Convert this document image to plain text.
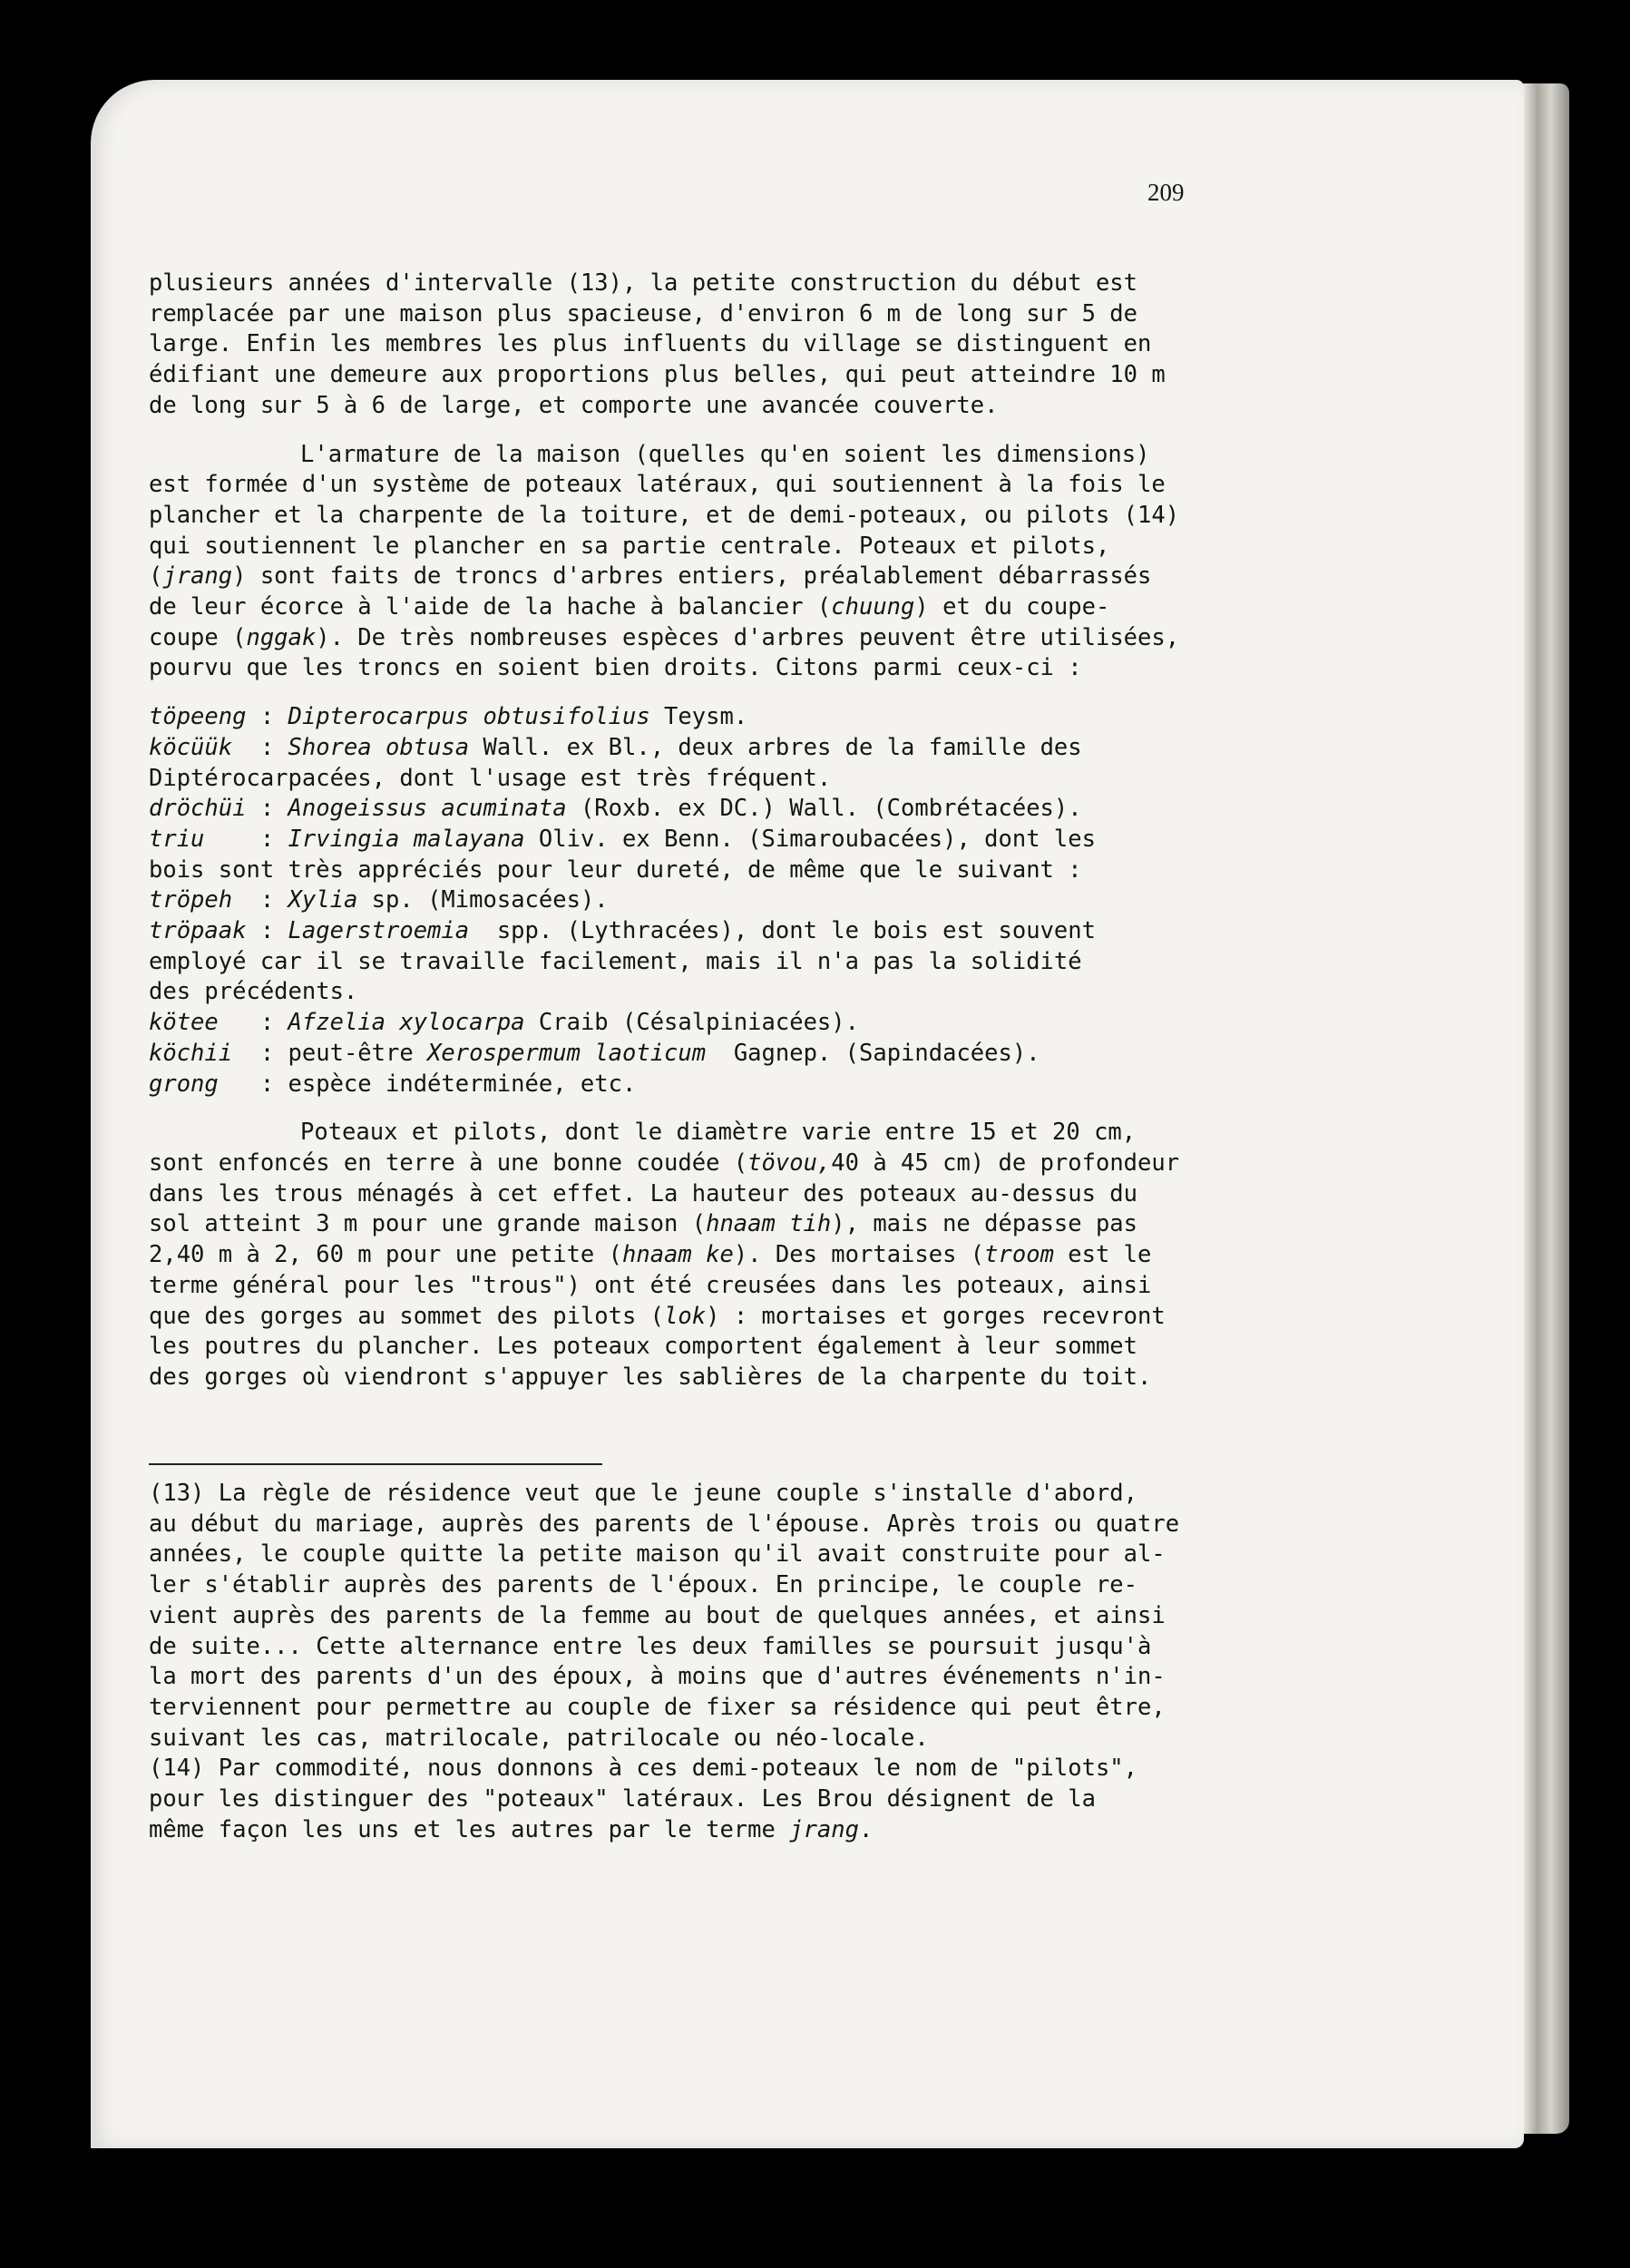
209

plusieurs années d'intervalle (13), la petite construction du début est
remplacée par une maison plus spacieuse, d'environ 6 m de long sur 5 de
large. Enfin les membres les plus influents du village se distinguent en
édifiant une demeure aux proportions plus belles, qui peut atteindre 10 m
de long sur 5 à 6 de large, et comporte une avancée couverte.

L'armature de la maison (quelles qu'en soient les dimensions)
est formée d'un système de poteaux latéraux, qui soutiennent à la fois le
plancher et la charpente de la toiture, et de demi-poteaux, ou pilots (14)
qui soutiennent le plancher en sa partie centrale. Poteaux et pilots,
(jrang) sont faits de troncs d'arbres entiers, préalablement débarrassés
de leur écorce à l'aide de la hache à balancier (chuung) et du coupe-
coupe (nggak). De très nombreuses espèces d'arbres peuvent être utilisées,
pourvu que les troncs en soient bien droits. Citons parmi ceux-ci :

töpeeng : Dipterocarpus obtusifolius Teysm.
köcüük  : Shorea obtusa Wall. ex Bl., deux arbres de la famille des
Diptérocarpacées, dont l'usage est très fréquent.
dröchüi : Anogeissus acuminata (Roxb. ex DC.) Wall. (Combrétacées).
triu    : Irvingia malayana Oliv. ex Benn. (Simaroubacées), dont les
bois sont très appréciés pour leur dureté, de même que le suivant :
tröpeh  : Xylia sp. (Mimosacées).
tröpaak : Lagerstroemia  spp. (Lythracées), dont le bois est souvent
employé car il se travaille facilement, mais il n'a pas la solidité
des précédents.
kötee   : Afzelia xylocarpa Craib (Césalpiniacées).
köchii  : peut-être Xerospermum laoticum  Gagnep. (Sapindacées).
grong   : espèce indéterminée, etc.

Poteaux et pilots, dont le diamètre varie entre 15 et 20 cm,
sont enfoncés en terre à une bonne coudée (tövou,40 à 45 cm) de profondeur
dans les trous ménagés à cet effet. La hauteur des poteaux au-dessus du
sol atteint 3 m pour une grande maison (hnaam tih), mais ne dépasse pas
2,40 m à 2, 60 m pour une petite (hnaam ke). Des mortaises (troom est le
terme général pour les "trous") ont été creusées dans les poteaux, ainsi
que des gorges au sommet des pilots (lok) : mortaises et gorges recevront
les poutres du plancher. Les poteaux comportent également à leur sommet
des gorges où viendront s'appuyer les sablières de la charpente du toit.

(13) La règle de résidence veut que le jeune couple s'installe d'abord,
au début du mariage, auprès des parents de l'épouse. Après trois ou quatre
années, le couple quitte la petite maison qu'il avait construite pour al-
ler s'établir auprès des parents de l'époux. En principe, le couple re-
vient auprès des parents de la femme au bout de quelques années, et ainsi
de suite... Cette alternance entre les deux familles se poursuit jusqu'à
la mort des parents d'un des époux, à moins que d'autres événements n'in-
terviennent pour permettre au couple de fixer sa résidence qui peut être,
suivant les cas, matrilocale, patrilocale ou néo-locale.

(14) Par commodité, nous donnons à ces demi-poteaux le nom de "pilots",
pour les distinguer des "poteaux" latéraux. Les Brou désignent de la
même façon les uns et les autres par le terme jrang.
